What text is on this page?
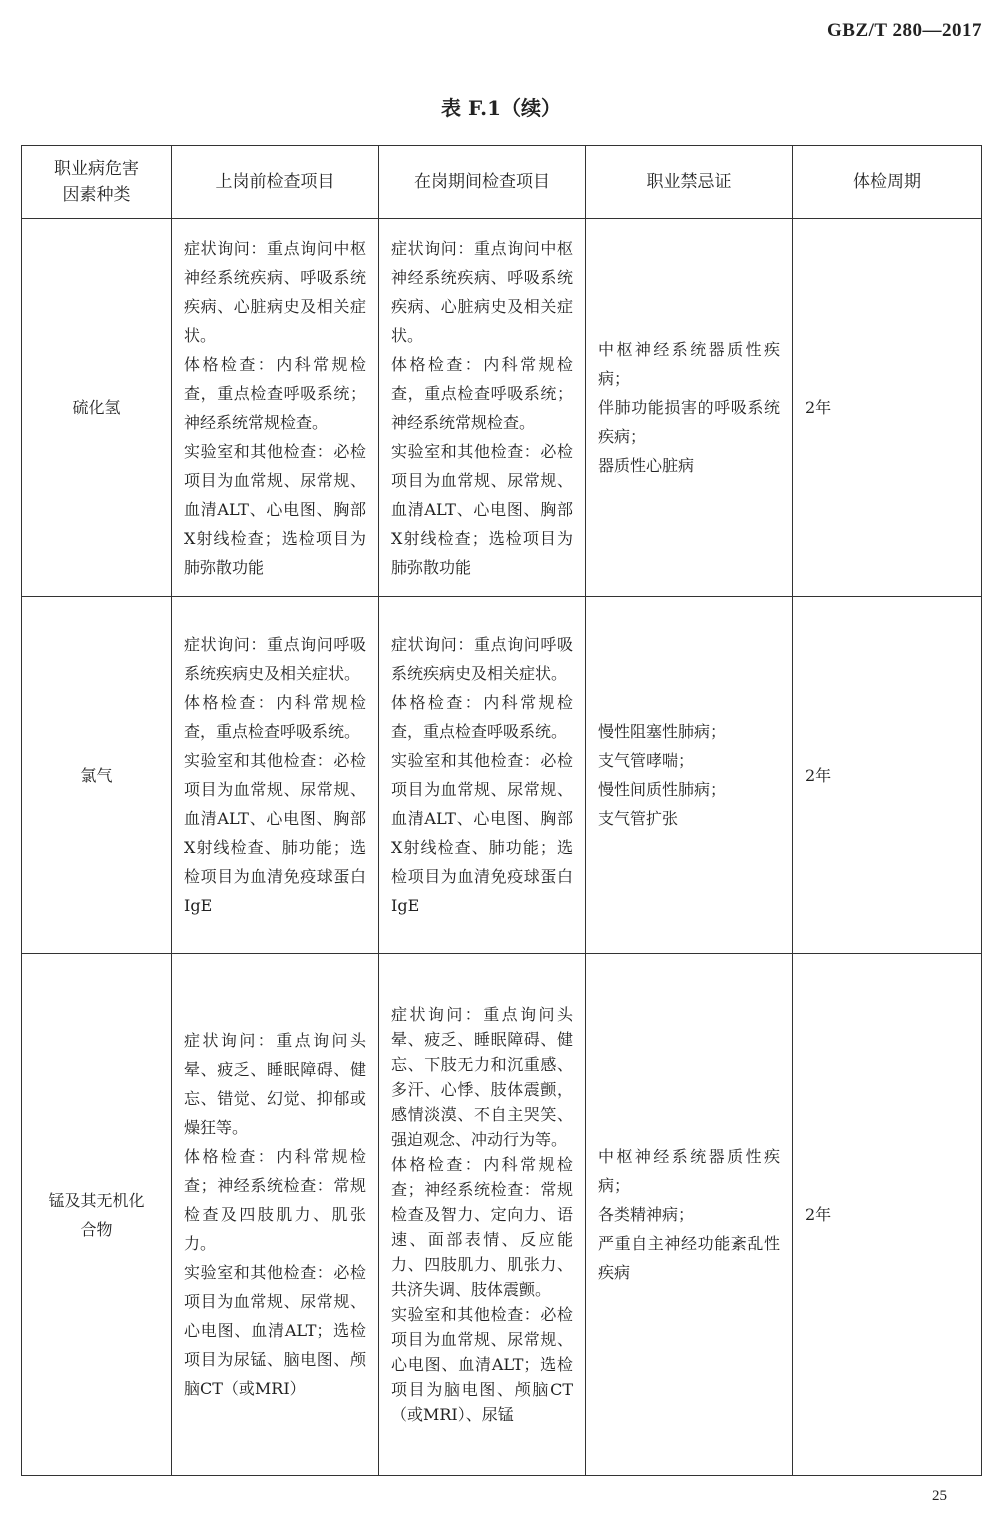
GBZ/T 280—2017
表 F.1（续）
职业病危害因素种类	上岗前检查项目	在岗期间检查项目	职业禁忌证	体检周期
硫化氢	症状询问：重点询问中枢神经系统疾病、呼吸系统疾病、心脏病史及相关症状。
体格检查：内科常规检查，重点检查呼吸系统；神经系统常规检查。
实验室和其他检查：必检项目为血常规、尿常规、血清ALT、心电图、胸部X射线检查；选检项目为肺弥散功能	症状询问：重点询问中枢神经系统疾病、呼吸系统疾病、心脏病史及相关症状。
体格检查：内科常规检查，重点检查呼吸系统；神经系统常规检查。
实验室和其他检查：必检项目为血常规、尿常规、血清ALT、心电图、胸部X射线检查；选检项目为肺弥散功能	中枢神经系统器质性疾病；
伴肺功能损害的呼吸系统疾病；
器质性心脏病	2年
氯气	症状询问：重点询问呼吸系统疾病史及相关症状。
体格检查：内科常规检查，重点检查呼吸系统。
实验室和其他检查：必检项目为血常规、尿常规、血清ALT、心电图、胸部X射线检查、肺功能；选检项目为血清免疫球蛋白IgE	症状询问：重点询问呼吸系统疾病史及相关症状。
体格检查：内科常规检查，重点检查呼吸系统。
实验室和其他检查：必检项目为血常规、尿常规、血清ALT、心电图、胸部X射线检查、肺功能；选检项目为血清免疫球蛋白IgE	慢性阻塞性肺病；
支气管哮喘；
慢性间质性肺病；
支气管扩张	2年
锰及其无机化合物	症状询问：重点询问头晕、疲乏、睡眠障碍、健忘、错觉、幻觉、抑郁或燥狂等。
体格检查：内科常规检查；神经系统检查：常规检查及四肢肌力、肌张力。
实验室和其他检查：必检项目为血常规、尿常规、心电图、血清ALT；选检项目为尿锰、脑电图、颅脑CT（或MRI）	症状询问：重点询问头晕、疲乏、睡眠障碍、健忘、下肢无力和沉重感、多汗、心悸、肢体震颤，感情淡漠、不自主哭笑、强迫观念、冲动行为等。
体格检查：内科常规检查；神经系统检查：常规检查及智力、定向力、语速、面部表情、反应能力、四肢肌力、肌张力、共济失调、肢体震颤。
实验室和其他检查：必检项目为血常规、尿常规、心电图、血清ALT；选检项目为脑电图、颅脑CT（或MRI）、尿锰	中枢神经系统器质性疾病；
各类精神病；
严重自主神经功能紊乱性疾病	2年
25
